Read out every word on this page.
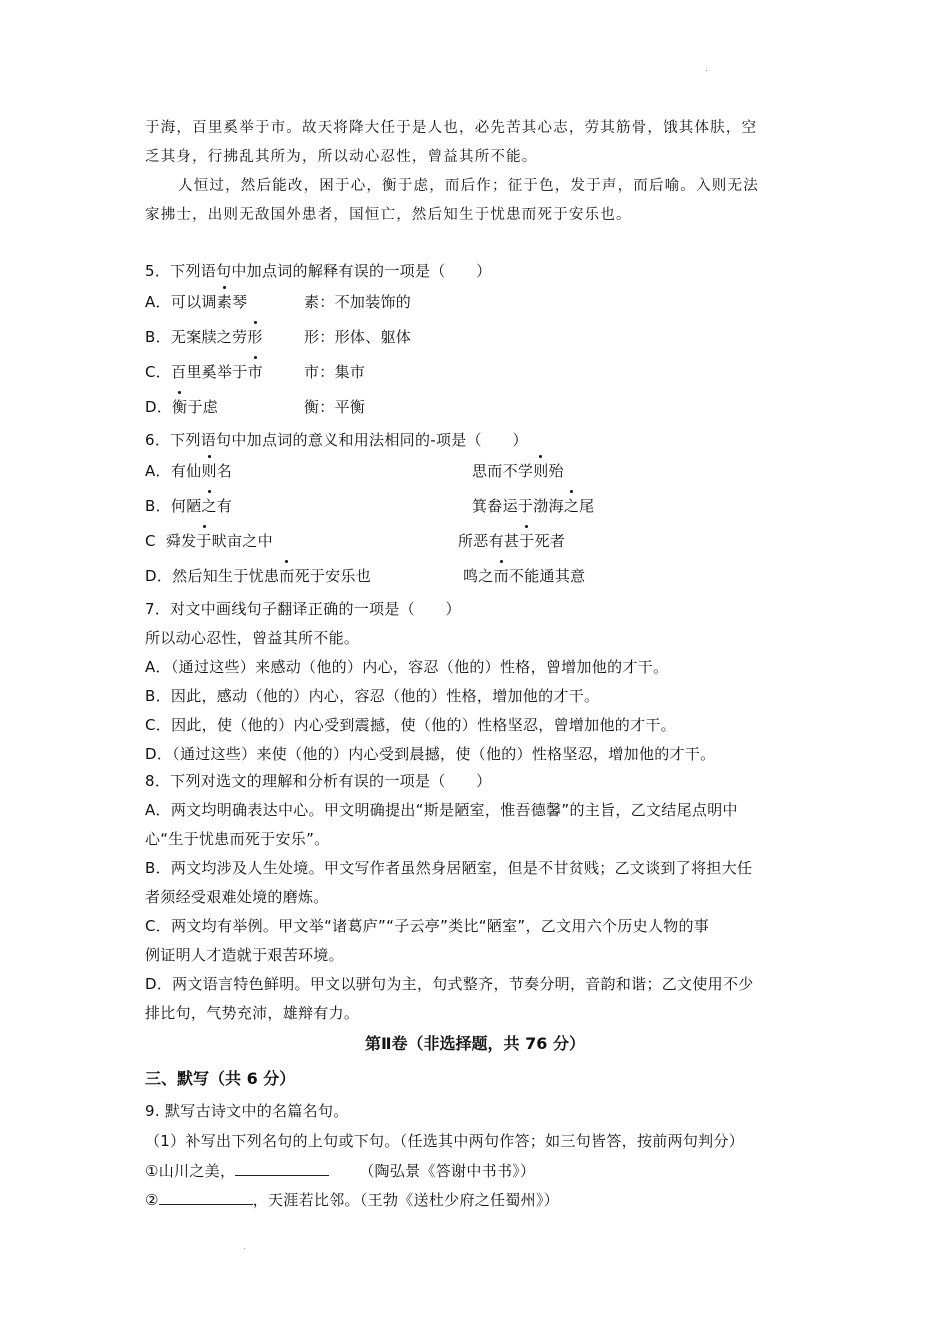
于海，百里奚举于市。故天将降大任于是人也，必先苦其心志，劳其筋骨，饿其体肤，空
乏其身，行拂乱其所为，所以动心忍性，曾益其所不能。
人恒过，然后能改，困于心，衡于虑，而后作；征于色，发于声，而后喻。入则无法
家拂士，出则无敌国外患者，国恒亡，然后知生于忧患而死于安乐也。
5．下列语句中加点词的解释有误的一项是（　　）
A．可以调素琴	素：不加装饰的
B．无案牍之劳形	形：形体、躯体
C．百里奚举于市	市：集市
D．衡于虑	衡：平衡
6．下列语句中加点词的意义和用法相同的-项是（　　）
A．有仙则名	思而不学则殆
B．何陋之有	箕畚运于渤海之尾
C 舜发于畎亩之中	所恶有甚于死者
D．然后知生于忧患而死于安乐也	鸣之而不能通其意
7．对文中画线句子翻译正确的一项是（　　）
所以动心忍性，曾益其所不能。
A．（通过这些）来感动（他的）内心，容忍（他的）性格，曾增加他的才干。
B．因此，感动（他的）内心，容忍（他的）性格，增加他的才干。
C．因此，使（他的）内心受到震撼，使（他的）性格坚忍，曾增加他的才干。
D．（通过这些）来使（他的）内心受到晨撼，使（他的）性格坚忍，增加他的才干。
8．下列对选文的理解和分析有误的一项是（　　）
A．两文均明确表达中心。甲文明确提出“斯是陋室，惟吾德馨”的主旨，乙文结尾点明中
心“生于忧患而死于安乐”。
B．两文均涉及人生处境。甲文写作者虽然身居陋室，但是不甘贫贱；乙文谈到了将担大任
者须经受艰难处境的磨炼。
C．两文均有举例。甲文举“诸葛庐”“子云亭”类比“陋室”，乙文用六个历史人物的事
例证明人才造就于艰苦环境。
D．两文语言特色鲜明。甲文以骈句为主，句式整齐，节奏分明，音韵和谐；乙文使用不少
排比句，气势充沛，雄辩有力。
第Ⅱ卷（非选择题，共 76 分）
三、默写（共 6 分）
9. 默写古诗文中的名篇名句。
（1）补写出下列名句的上句或下句。（任选其中两句作答；如三句皆答，按前两句判分）
①山川之美，	（陶弘景《答谢中书书》）
②	，天涯若比邻。（王勃《送杜少府之任蜀州》）
